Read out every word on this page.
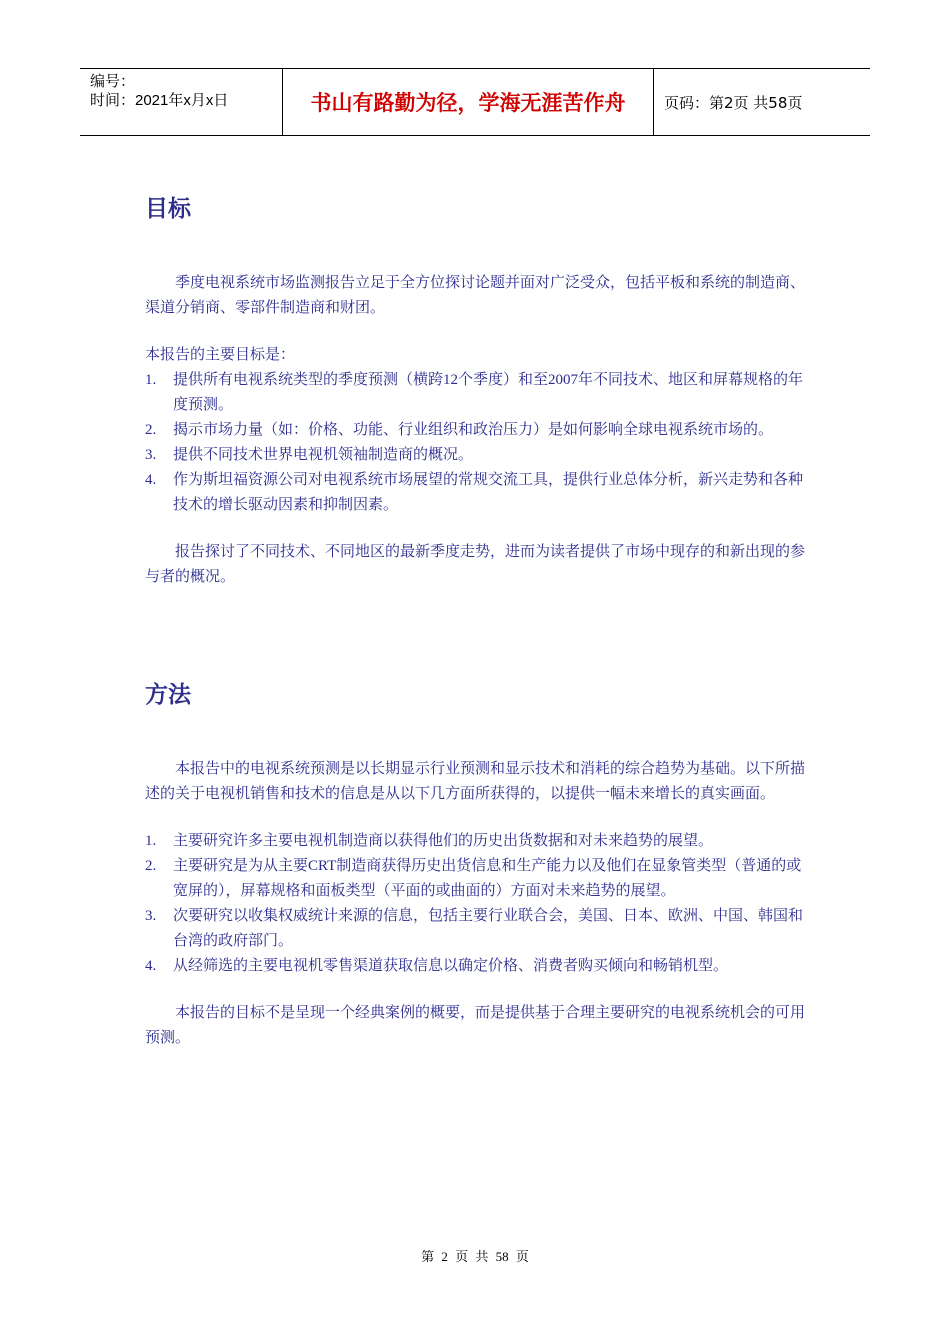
编号：
时间：2021年x月x日	书山有路勤为径，学海无涯苦作舟	页码：第2页 共58页
目标

季度电视系统市场监测报告立足于全方位探讨论题并面对广泛受众，包括平板和系统的制造商、渠道分销商、零部件制造商和财团。

本报告的主要目标是：

1. 提供所有电视系统类型的季度预测（横跨12个季度）和至2007年不同技术、地区和屏幕规格的年度预测。
2. 揭示市场力量（如：价格、功能、行业组织和政治压力）是如何影响全球电视系统市场的。
3. 提供不同技术世界电视机领袖制造商的概况。
4. 作为斯坦福资源公司对电视系统市场展望的常规交流工具，提供行业总体分析，新兴走势和各种技术的增长驱动因素和抑制因素。

报告探讨了不同技术、不同地区的最新季度走势，进而为读者提供了市场中现存的和新出现的参与者的概况。

方法

本报告中的电视系统预测是以长期显示行业预测和显示技术和消耗的综合趋势为基础。以下所描述的关于电视机销售和技术的信息是从以下几方面所获得的，以提供一幅未来增长的真实画面。

1. 主要研究许多主要电视机制造商以获得他们的历史出货数据和对未来趋势的展望。
2. 主要研究是为从主要CRT制造商获得历史出货信息和生产能力以及他们在显象管类型（普通的或宽屏的），屏幕规格和面板类型（平面的或曲面的）方面对未来趋势的展望。
3. 次要研究以收集权威统计来源的信息，包括主要行业联合会，美国、日本、欧洲、中国、韩国和台湾的政府部门。
4. 从经筛选的主要电视机零售渠道获取信息以确定价格、消费者购买倾向和畅销机型。

本报告的目标不是呈现一个经典案例的概要，而是提供基于合理主要研究的电视系统机会的可用预测。

第 2 页 共 58 页
